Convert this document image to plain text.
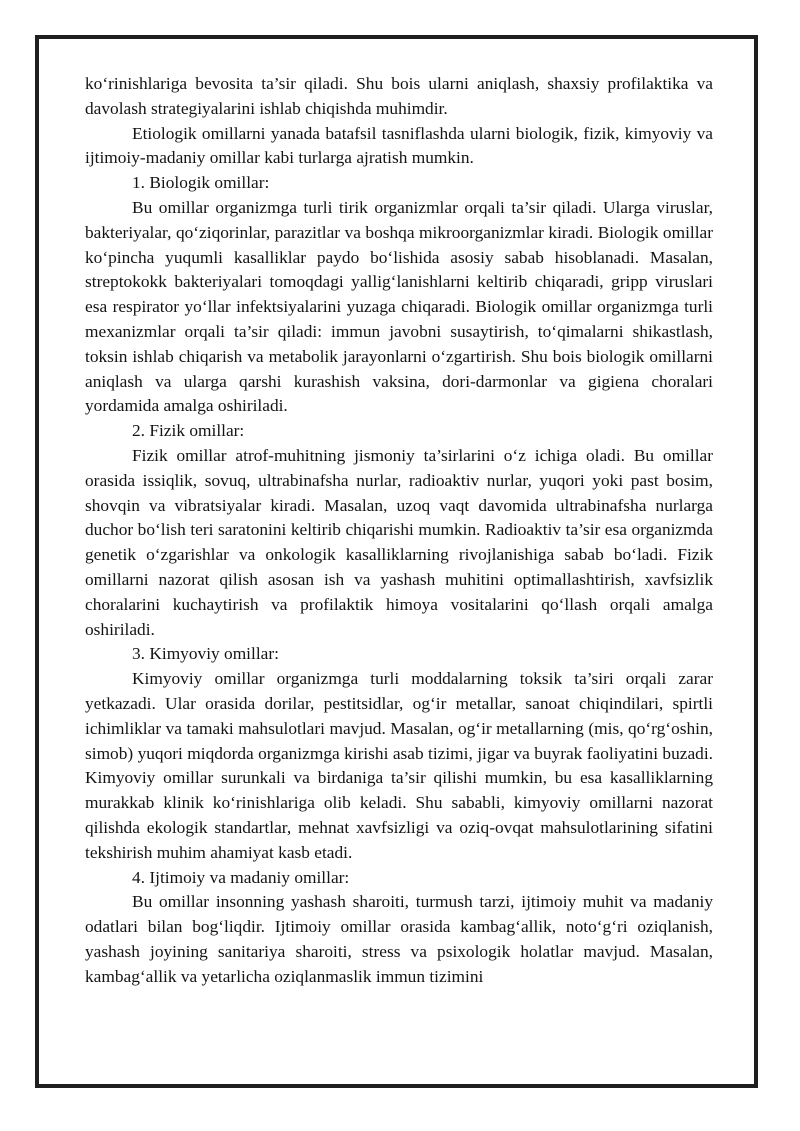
ko‘rinishlariga bevosita ta’sir qiladi. Shu bois ularni aniqlash, shaxsiy profilaktika va davolash strategiyalarini ishlab chiqishda muhimdir.

Etiologik omillarni yanada batafsil tasniflashda ularni biologik, fizik, kimyoviy va ijtimoiy-madaniy omillar kabi turlarga ajratish mumkin.

1. Biologik omillar:

Bu omillar organizmga turli tirik organizmlar orqali ta’sir qiladi. Ularga viruslar, bakteriyalar, qo‘ziqorinlar, parazitlar va boshqa mikroorganizmlar kiradi. Biologik omillar ko‘pincha yuqumli kasalliklar paydo bo‘lishida asosiy sabab hisoblanadi. Masalan, streptokokk bakteriyalari tomoqdagi yallig‘lanishlarni keltirib chiqaradi, gripp viruslari esa respirator yo‘llar infektsiyalarini yuzaga chiqaradi. Biologik omillar organizmga turli mexanizmlar orqali ta’sir qiladi: immun javobni susaytirish, to‘qimalarni shikastlash, toksin ishlab chiqarish va metabolik jarayonlarni o‘zgartirish. Shu bois biologik omillarni aniqlash va ularga qarshi kurashish vaksina, dori-darmonlar va gigiena choralari yordamida amalga oshiriladi.

2. Fizik omillar:

Fizik omillar atrof-muhitning jismoniy ta’sirlarini o‘z ichiga oladi. Bu omillar orasida issiqlik, sovuq, ultrabinafsha nurlar, radioaktiv nurlar, yuqori yoki past bosim, shovqin va vibratsiyalar kiradi. Masalan, uzoq vaqt davomida ultrabinafsha nurlarga duchor bo‘lish teri saratonini keltirib chiqarishi mumkin. Radioaktiv ta’sir esa organizmda genetik o‘zgarishlar va onkologik kasalliklarning rivojlanishiga sabab bo‘ladi. Fizik omillarni nazorat qilish asosan ish va yashash muhitini optimallashtirish, xavfsizlik choralarini kuchaytirish va profilaktik himoya vositalarini qo‘llash orqali amalga oshiriladi.

3. Kimyoviy omillar:

Kimyoviy omillar organizmga turli moddalarning toksik ta’siri orqali zarar yetkazadi. Ular orasida dorilar, pestitsidlar, og‘ir metallar, sanoat chiqindilari, spirtli ichimliklar va tamaki mahsulotlari mavjud. Masalan, og‘ir metallarning (mis, qo‘rg‘oshin, simob) yuqori miqdorda organizmga kirishi asab tizimi, jigar va buyrak faoliyatini buzadi. Kimyoviy omillar surunkali va birdaniga ta’sir qilishi mumkin, bu esa kasalliklarning murakkab klinik ko‘rinishlariga olib keladi. Shu sababli, kimyoviy omillarni nazorat qilishda ekologik standartlar, mehnat xavfsizligi va oziq-ovqat mahsulotlarining sifatini tekshirish muhim ahamiyat kasb etadi.

4. Ijtimoiy va madaniy omillar:

Bu omillar insonning yashash sharoiti, turmush tarzi, ijtimoiy muhit va madaniy odatlari bilan bog‘liqdir. Ijtimoiy omillar orasida kambag‘allik, noto‘g‘ri oziqlanish, yashash joyining sanitariya sharoiti, stress va psixologik holatlar mavjud. Masalan, kambag‘allik va yetarlicha oziqlanmaslik immun tizimini
